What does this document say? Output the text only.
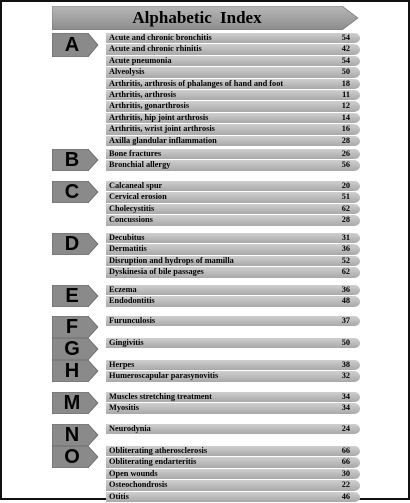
Alphabetic Index
A	Acute and chronic bronchitis	54
Acute and chronic rhinitis	42
Acute pneumonia	54
Alveolysis	50
Arthritis, arthrosis of phalanges of hand and foot	18
Arthritis, arthrosis	11
Arthritis, gonarthrosis	12
Arthritis, hip joint arthrosis	14
Arthritis, wrist joint arthrosis	16
Axilla glandular inflammation	28
B	Bone fractures	26
Bronchial allergy	56
C	Calcaneal spur	20
Cervical erosion	51
Cholecystitis	62
Concussions	28
D	Decubitus	31
Dermatitis	36
Disruption and hydrops of mamilla	52
Dyskinesia of bile passages	62
E	Eczema	36
Endodontitis	48
F	Furunculosis	37
G	Gingivitis	50
H	Herpes	38
Humeroscapular parasynovitis	32
M	Muscles stretching treatment	34
Myositis	34
N	Neurodynia	24
O	Obliterating atherosclerosis	66
Obliterating endarteritis	66
Open wounds	30
Osteochondrosis	22
Otitis	46
